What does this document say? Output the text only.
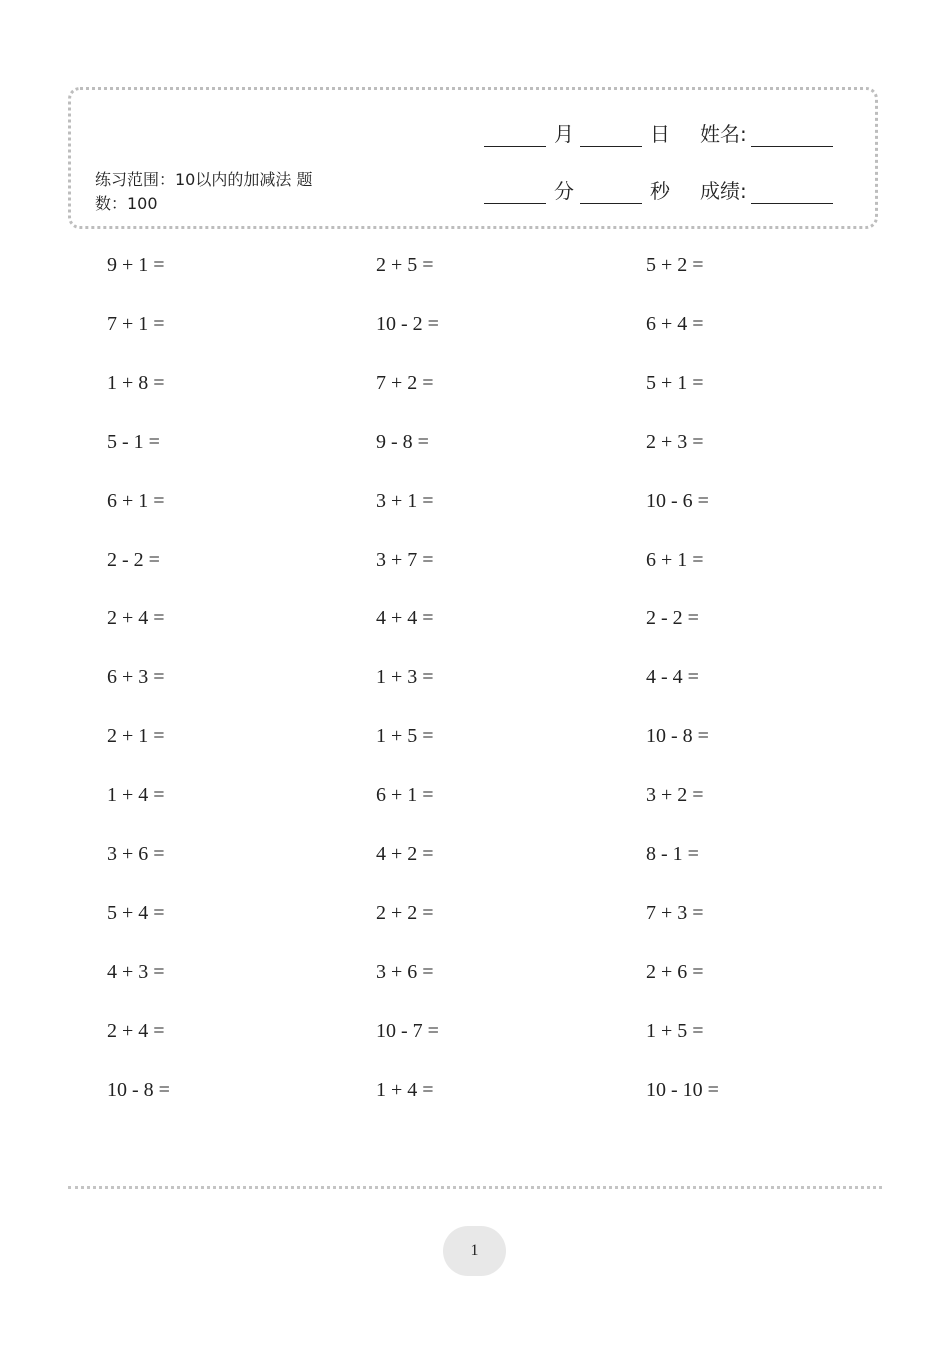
练习范围：10以内的加减法 题
数：100
月	日 姓名:
分	秒 成绩:
9 + 1 =	2 + 5 =	5 + 2 =
7 + 1 =	10 - 2 =	6 + 4 =
1 + 8 =	7 + 2 =	5 + 1 =
5 - 1 =	9 - 8 =	2 + 3 =
6 + 1 =	3 + 1 =	10 - 6 =
2 - 2 =	3 + 7 =	6 + 1 =
2 + 4 =	4 + 4 =	2 - 2 =
6 + 3 =	1 + 3 =	4 - 4 =
2 + 1 =	1 + 5 =	10 - 8 =
1 + 4 =	6 + 1 =	3 + 2 =
3 + 6 =	4 + 2 =	8 - 1 =
5 + 4 =	2 + 2 =	7 + 3 =
4 + 3 =	3 + 6 =	2 + 6 =
2 + 4 =	10 - 7 =	1 + 5 =
10 - 8 =	1 + 4 =	10 - 10 =
1
